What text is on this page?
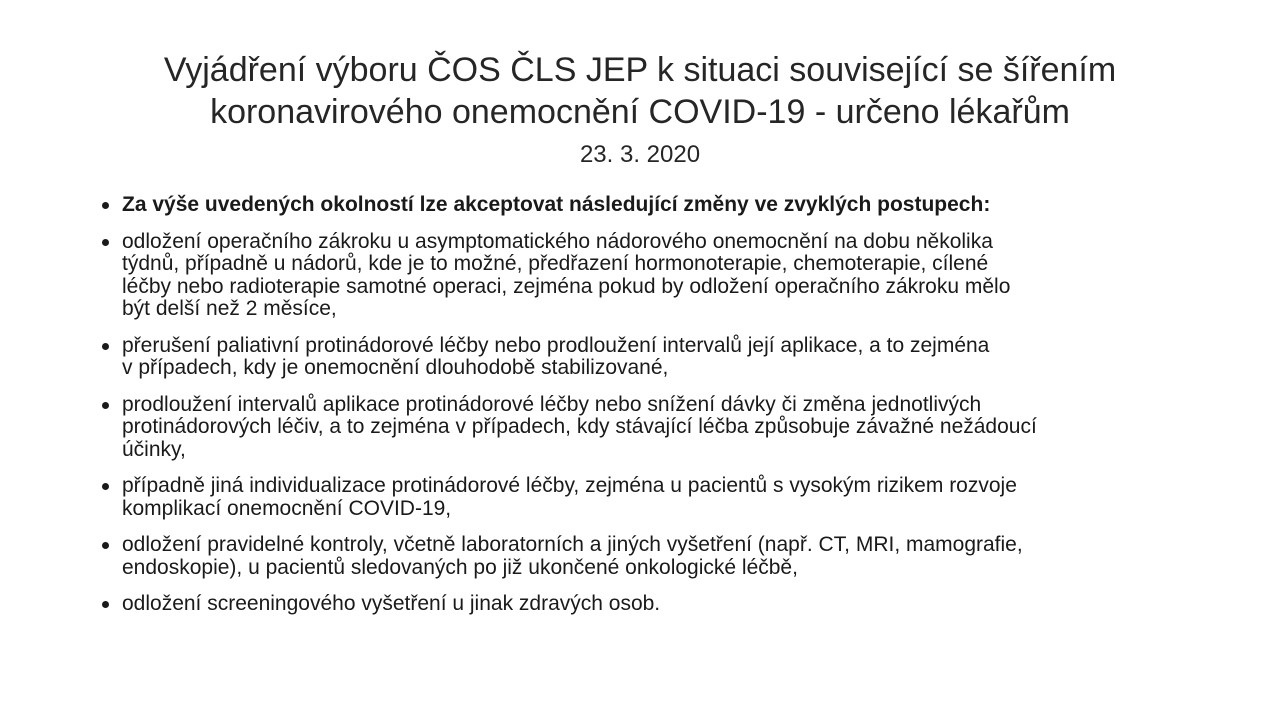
Vyjádření výboru ČOS ČLS JEP k situaci související se šířením
koronavirového onemocnění COVID-19 - určeno lékařům
23. 3. 2020
Za výše uvedených okolností lze akceptovat následující změny ve zvyklých postupech:
odložení operačního zákroku u asymptomatického nádorového onemocnění na dobu několika
týdnů, případně u nádorů, kde je to možné, předřazení hormonoterapie, chemoterapie, cílené
léčby nebo radioterapie samotné operaci, zejména pokud by odložení operačního zákroku mělo
být delší než 2 měsíce,
přerušení paliativní protinádorové léčby nebo prodloužení intervalů její aplikace, a to zejména
v případech, kdy je onemocnění dlouhodobě stabilizované,
prodloužení intervalů aplikace protinádorové léčby nebo snížení dávky či změna jednotlivých
protinádorových léčiv, a to zejména v případech, kdy stávající léčba způsobuje závažné nežádoucí
účinky,
případně jiná individualizace protinádorové léčby, zejména u pacientů s vysokým rizikem rozvoje
komplikací onemocnění COVID-19,
odložení pravidelné kontroly, včetně laboratorních a jiných vyšetření (např. CT, MRI, mamografie,
endoskopie), u pacientů sledovaných po již ukončené onkologické léčbě,
odložení screeningového vyšetření u jinak zdravých osob.
